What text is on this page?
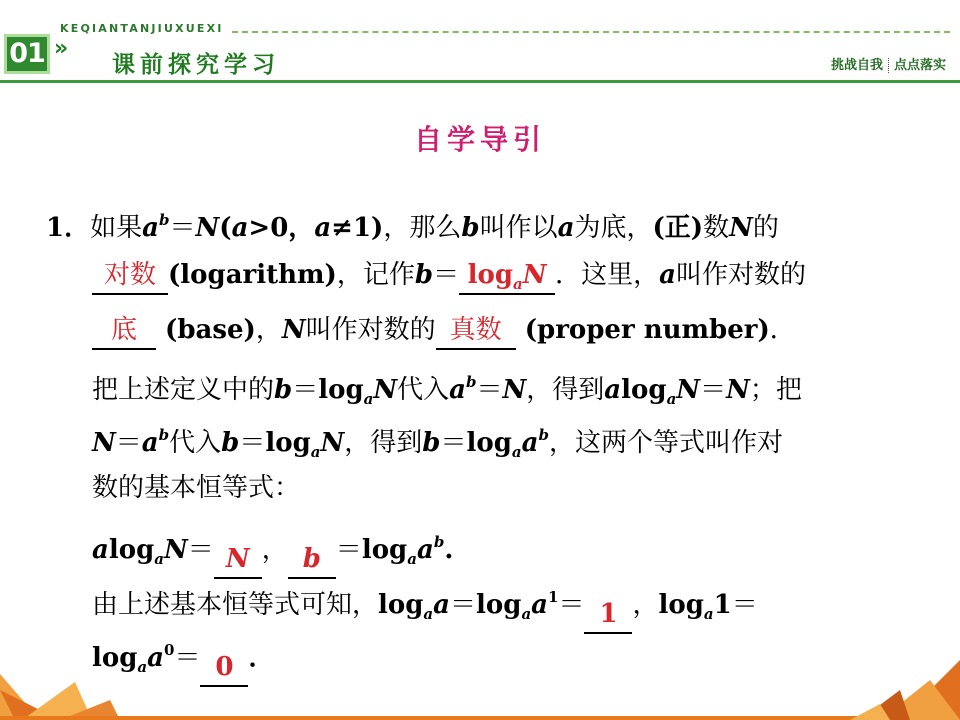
01
KEQIANTANJIUXUEXI
»
课前探究学习	挑战自我 点点落实
自学导引
1．如果$a^b=N(a>0$，a≠1)，那么b叫作以a为底，(正)数N的
对数 (logarithm)，记作$b= \log_aN$ ．这里，a叫作对数的
底 (base)，N叫作对数的 真数 (proper number)．
把上述定义中的$b=\log_aN$代入$a^b=N$，得到alog$_a$N＝N；把
$N=a^b$代入$b=\log_aN$，得到$b=\log_aa^b$，这两个等式叫作对
数的基本恒等式：
alog$_a$N＝ N ， $b =\log_aa^b$.
由上述基本恒等式可知，$\log_aa=\log_aa^1= 1$ ，$\log_a1=$
$\log_aa^0= 0$ ．
